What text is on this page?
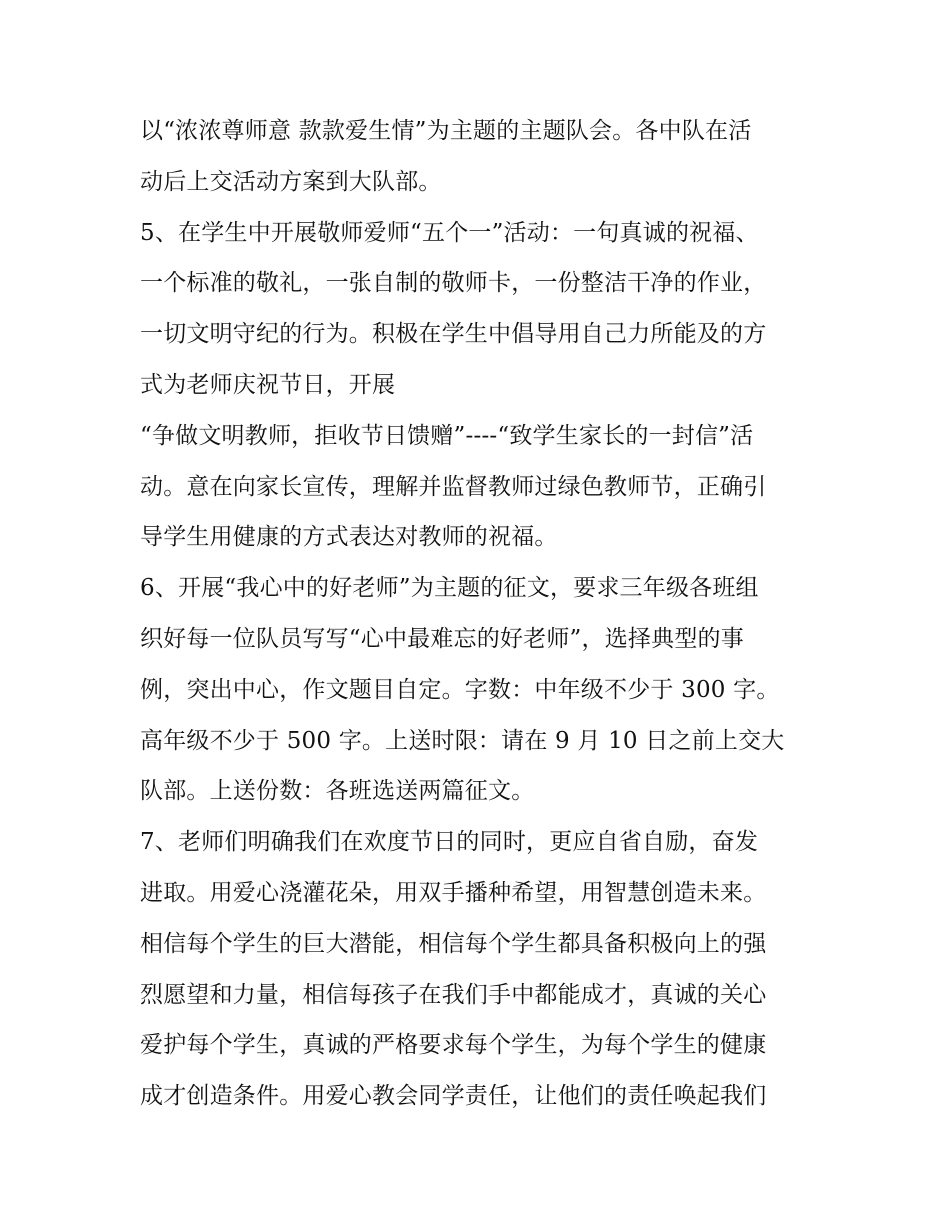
以“浓浓尊师意 款款爱生情”为主题的主题队会。各中队在活
动后上交活动方案到大队部。
5、在学生中开展敬师爱师“五个一”活动：一句真诚的祝福、
一个标准的敬礼，一张自制的敬师卡，一份整洁干净的作业，
一切文明守纪的行为。积极在学生中倡导用自己力所能及的方
式为老师庆祝节日，开展
“争做文明教师，拒收节日馈赠”----“致学生家长的一封信”活
动。意在向家长宣传，理解并监督教师过绿色教师节，正确引
导学生用健康的方式表达对教师的祝福。
6、开展“我心中的好老师”为主题的征文，要求三年级各班组
织好每一位队员写写“心中最难忘的好老师”，选择典型的事
例，突出中心，作文题目自定。字数：中年级不少于 300 字。
高年级不少于 500 字。上送时限：请在 9 月 10 日之前上交大
队部。上送份数：各班选送两篇征文。
7、老师们明确我们在欢度节日的同时，更应自省自励，奋发
进取。用爱心浇灌花朵，用双手播种希望，用智慧创造未来。
相信每个学生的巨大潜能，相信每个学生都具备积极向上的强
烈愿望和力量，相信每孩子在我们手中都能成才，真诚的关心
爱护每个学生，真诚的严格要求每个学生，为每个学生的健康
成才创造条件。用爱心教会同学责任，让他们的责任唤起我们
